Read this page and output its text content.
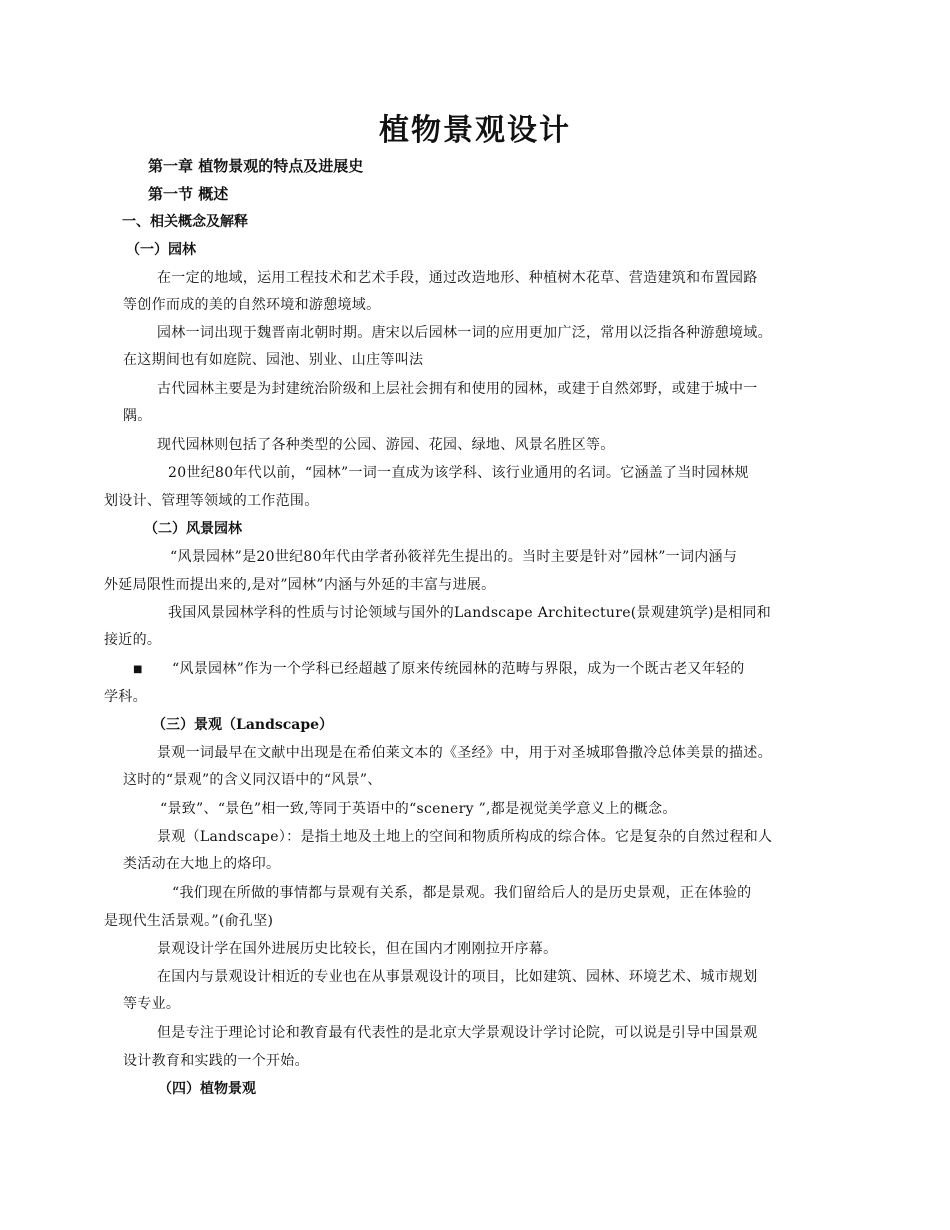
植物景观设计
第一章 植物景观的特点及进展史
第一节 概述
一、相关概念及解释
（一）园林
在一定的地域，运用工程技术和艺术手段，通过改造地形、种植树木花草、营造建筑和布置园路
等创作而成的美的自然环境和游憩境域。
园林一词出现于魏晋南北朝时期。唐宋以后园林一词的应用更加广泛，常用以泛指各种游憩境域。
在这期间也有如庭院、园池、别业、山庄等叫法
古代园林主要是为封建统治阶级和上层社会拥有和使用的园林，或建于自然郊野，或建于城中一
隅。
现代园林则包括了各种类型的公园、游园、花园、绿地、风景名胜区等。
20世纪80年代以前，“园林”一词一直成为该学科、该行业通用的名词。它涵盖了当时园林规
划设计、管理等领域的工作范围。
（二）风景园林
“风景园林”是20世纪80年代由学者孙筱祥先生提出的。当时主要是针对”园林”一词内涵与
外延局限性而提出来的,是对”园林”内涵与外延的丰富与进展。
我国风景园林学科的性质与讨论领域与国外的Landscape Architecture(景观建筑学)是相同和
接近的。
■ “风景园林”作为一个学科已经超越了原来传统园林的范畴与界限，成为一个既古老又年轻的
学科。
（三）景观（Landscape）
景观一词最早在文献中出现是在希伯莱文本的《圣经》中，用于对圣城耶鲁撒冷总体美景的描述。
这时的“景观”的含义同汉语中的“风景”、
“景致”、“景色”相一致,等同于英语中的“scenery ”,都是视觉美学意义上的概念。
景观（Landscape）：是指土地及土地上的空间和物质所构成的综合体。它是复杂的自然过程和人
类活动在大地上的烙印。
“我们现在所做的事情都与景观有关系，都是景观。我们留给后人的是历史景观，正在体验的
是现代生活景观。”(俞孔坚)
景观设计学在国外进展历史比较长，但在国内才刚刚拉开序幕。
在国内与景观设计相近的专业也在从事景观设计的项目，比如建筑、园林、环境艺术、城市规划
等专业。
但是专注于理论讨论和教育最有代表性的是北京大学景观设计学讨论院，可以说是引导中国景观
设计教育和实践的一个开始。
（四）植物景观
